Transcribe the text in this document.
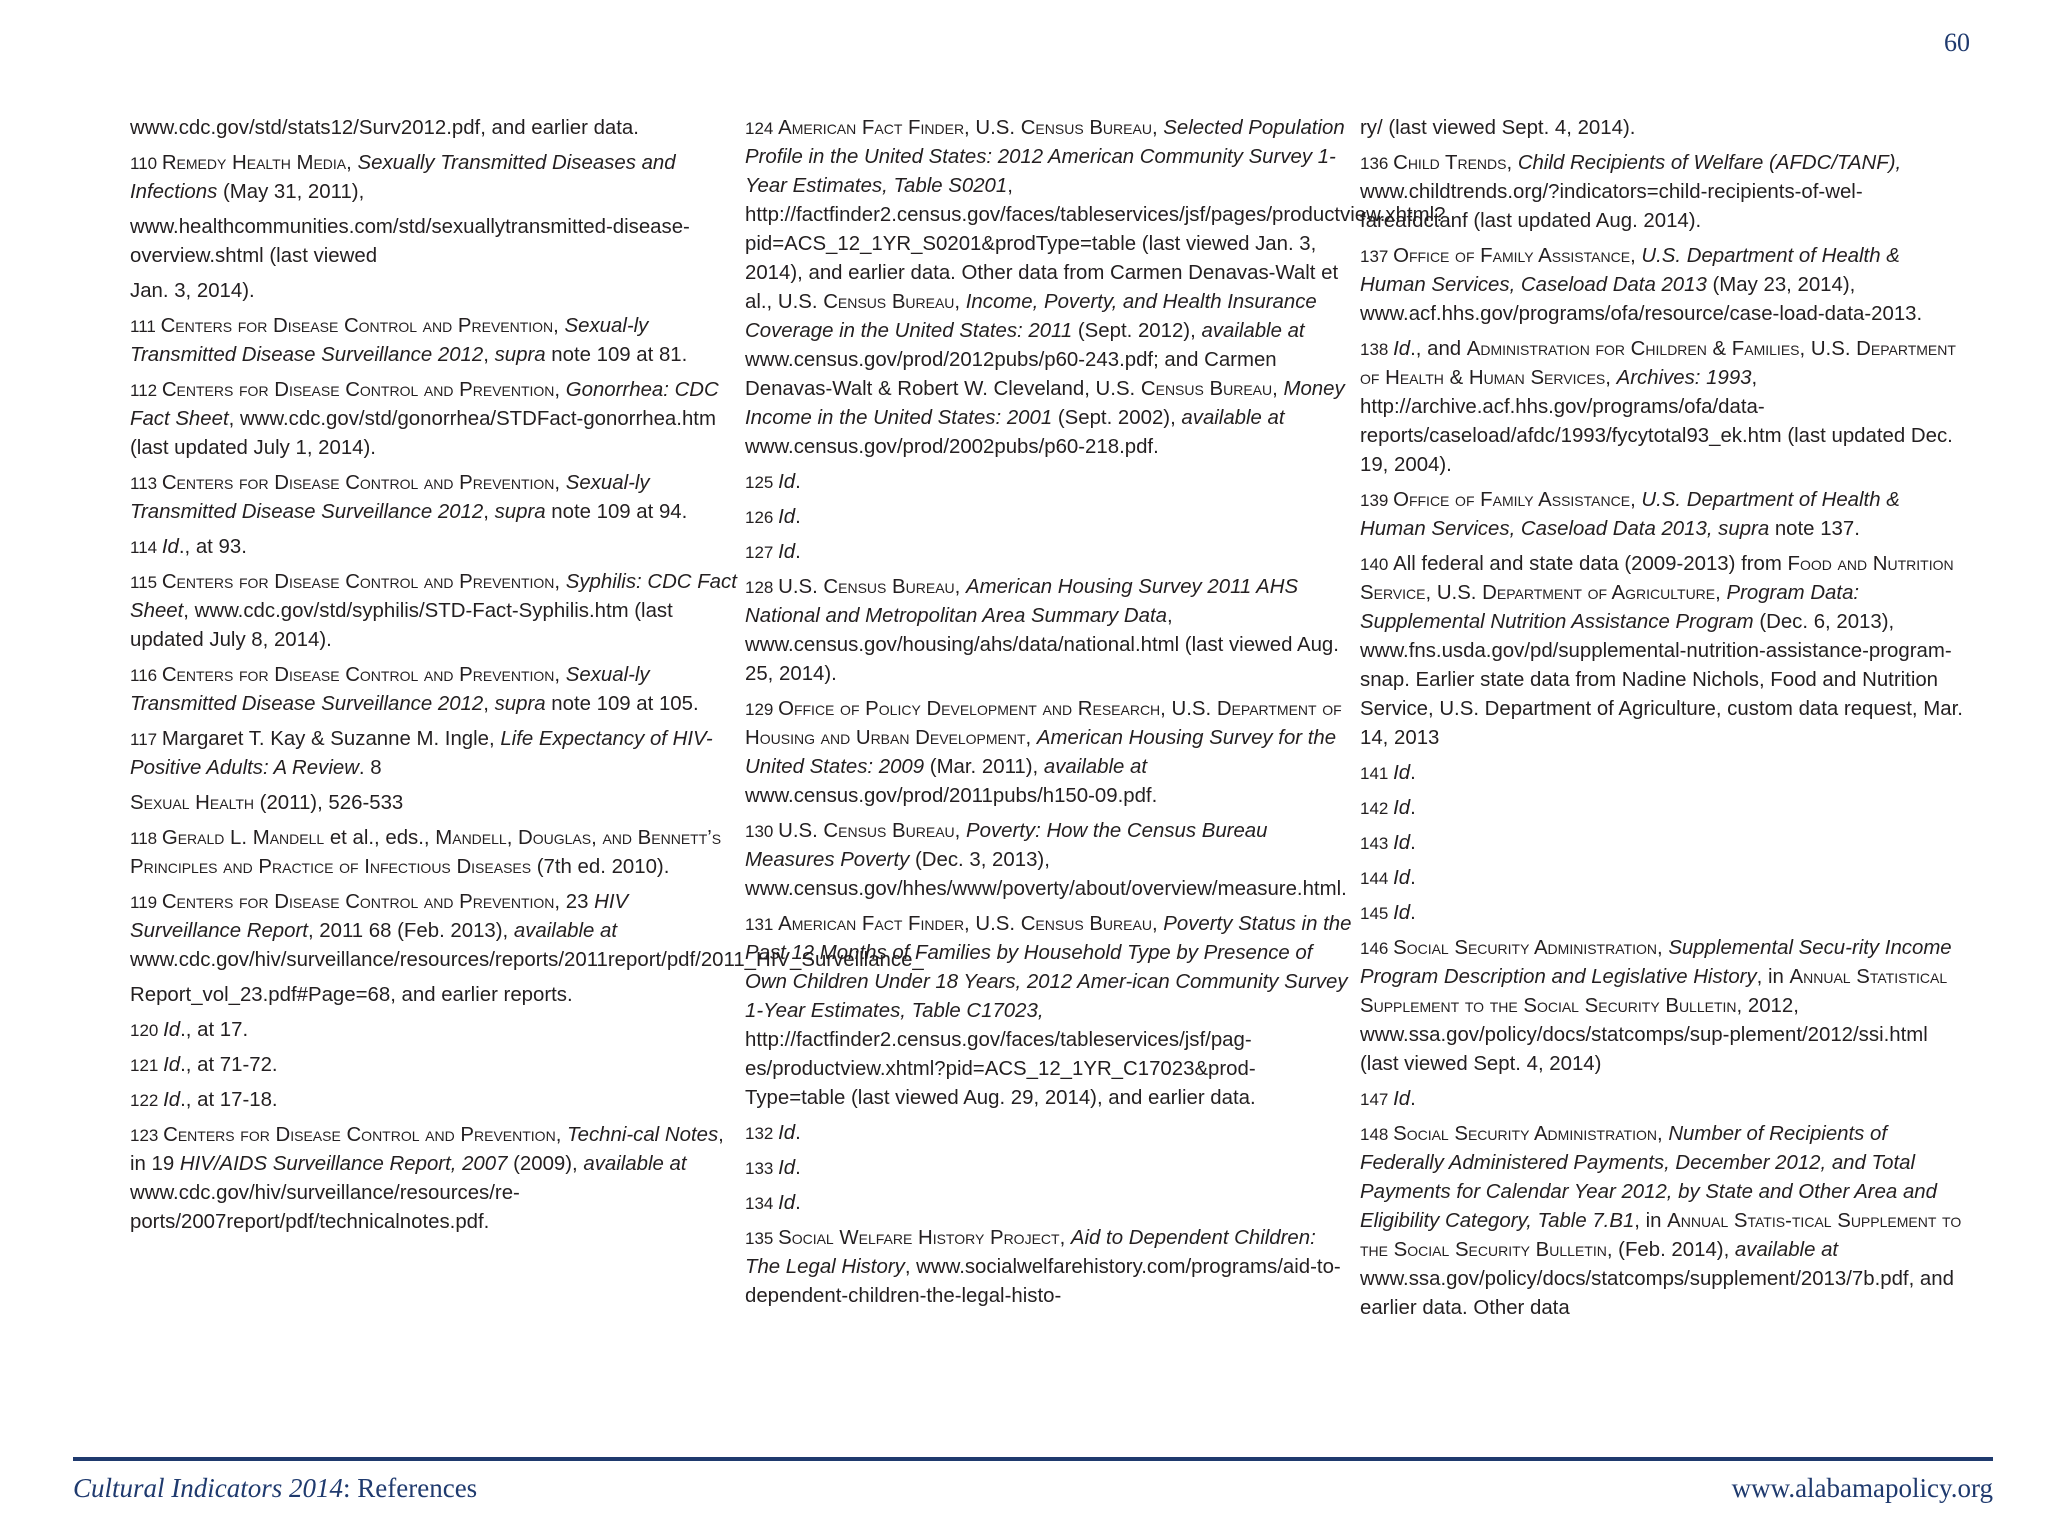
60
www.cdc.gov/std/stats12/Surv2012.pdf, and earlier data.
110 Remedy Health Media, Sexually Transmitted Diseases and Infections (May 31, 2011),
www.healthcommunities.com/std/sexuallytransmitted-disease-overview.shtml (last viewed
Jan. 3, 2014).
111 Centers for Disease Control and Prevention, Sexual-ly Transmitted Disease Surveillance 2012, supra note 109 at 81.
112 Centers for Disease Control and Prevention, Gonorrhea: CDC Fact Sheet, www.cdc.gov/std/gonorrhea/STDFact-gonorrhea.htm (last updated July 1, 2014).
113 Centers for Disease Control and Prevention, Sexual-ly Transmitted Disease Surveillance 2012, supra note 109 at 94.
114 Id., at 93.
115 Centers for Disease Control and Prevention, Syphilis: CDC Fact Sheet, www.cdc.gov/std/syphilis/STD-Fact-Syphilis.htm (last updated July 8, 2014).
116 Centers for Disease Control and Prevention, Sexual-ly Transmitted Disease Surveillance 2012, supra note 109 at 105.
117 Margaret T. Kay & Suzanne M. Ingle, Life Expectancy of HIV-Positive Adults: A Review. 8
Sexual Health (2011), 526-533
118 Gerald L. Mandell et al., eds., Mandell, Douglas, and Bennett’s Principles and Practice of Infectious Diseases (7th ed. 2010).
119 Centers for Disease Control and Prevention, 23 HIV Surveillance Report, 2011 68 (Feb. 2013), available at www.cdc.gov/hiv/surveillance/resources/reports/2011report/pdf/2011_HIV_Surveillance_
Report_vol_23.pdf#Page=68, and earlier reports.
120 Id., at 17.
121 Id., at 71-72.
122 Id., at 17-18.
123 Centers for Disease Control and Prevention, Techni-cal Notes, in 19 HIV/AIDS Surveillance Report, 2007 (2009), available at www.cdc.gov/hiv/surveillance/resources/re-ports/2007report/pdf/technicalnotes.pdf.
124 American Fact Finder, U.S. Census Bureau, Selected Population Profile in the United States: 2012 American Community Survey 1-Year Estimates, Table S0201, http://factfinder2.census.gov/faces/tableservices/jsf/pages/productview.xhtml?pid=ACS_12_1YR_S0201&prodType=table (last viewed Jan. 3, 2014), and earlier data. Other data from Carmen Denavas-Walt et al., U.S. Census Bureau, Income, Poverty, and Health Insurance Coverage in the United States: 2011 (Sept. 2012), available at www.census.gov/prod/2012pubs/p60-243.pdf; and Carmen Denavas-Walt & Robert W. Cleveland, U.S. Census Bureau, Money Income in the United States: 2001 (Sept. 2002), available at www.census.gov/prod/2002pubs/p60-218.pdf.
125 Id.
126 Id.
127 Id.
128 U.S. Census Bureau, American Housing Survey 2011 AHS National and Metropolitan Area Summary Data, www.census.gov/housing/ahs/data/national.html (last viewed Aug. 25, 2014).
129 Office of Policy Development and Research, U.S. Department of Housing and Urban Development, American Housing Survey for the United States: 2009 (Mar. 2011), available at www.census.gov/prod/2011pubs/h150-09.pdf.
130 U.S. Census Bureau, Poverty: How the Census Bureau Measures Poverty (Dec. 3, 2013), www.census.gov/hhes/www/poverty/about/overview/measure.html.
131 American Fact Finder, U.S. Census Bureau, Poverty Status in the Past 12 Months of Families by Household Type by Presence of Own Children Under 18 Years, 2012 Amer-ican Community Survey 1-Year Estimates, Table C17023, http://factfinder2.census.gov/faces/tableservices/jsf/pag-es/productview.xhtml?pid=ACS_12_1YR_C17023&prod-Type=table (last viewed Aug. 29, 2014), and earlier data.
132 Id.
133 Id.
134 Id.
135 Social Welfare History Project, Aid to Dependent Children: The Legal History, www.socialwelfarehistory.com/programs/aid-to-dependent-children-the-legal-histo-
ry/ (last viewed Sept. 4, 2014).
136 Child Trends, Child Recipients of Welfare (AFDC/TANF), www.childtrends.org/?indicators=child-recipients-of-wel-fareafdctanf (last updated Aug. 2014).
137 Office of Family Assistance, U.S. Department of Health & Human Services, Caseload Data 2013 (May 23, 2014), www.acf.hhs.gov/programs/ofa/resource/case-load-data-2013.
138 Id., and Administration for Children & Families, U.S. Department of Health & Human Services, Archives: 1993, http://archive.acf.hhs.gov/programs/ofa/data-reports/caseload/afdc/1993/fycytotal93_ek.htm (last updated Dec. 19, 2004).
139 Office of Family Assistance, U.S. Department of Health & Human Services, Caseload Data 2013, supra note 137.
140 All federal and state data (2009-2013) from Food and Nutrition Service, U.S. Department of Agriculture, Program Data: Supplemental Nutrition Assistance Program (Dec. 6, 2013), www.fns.usda.gov/pd/supplemental-nutrition-assistance-program-snap. Earlier state data from Nadine Nichols, Food and Nutrition Service, U.S. Department of Agriculture, custom data request, Mar. 14, 2013
141 Id.
142 Id.
143 Id.
144 Id.
145 Id.
146 Social Security Administration, Supplemental Secu-rity Income Program Description and Legislative History, in Annual Statistical Supplement to the Social Security Bulletin, 2012, www.ssa.gov/policy/docs/statcomps/sup-plement/2012/ssi.html (last viewed Sept. 4, 2014)
147 Id.
148 Social Security Administration, Number of Recipients of Federally Administered Payments, December 2012, and Total Payments for Calendar Year 2012, by State and Other Area and Eligibility Category, Table 7.B1, in Annual Statis-tical Supplement to the Social Security Bulletin, (Feb. 2014), available at www.ssa.gov/policy/docs/statcomps/supplement/2013/7b.pdf, and earlier data. Other data
Cultural Indicators 2014: References	www.alabamapolicy.org
